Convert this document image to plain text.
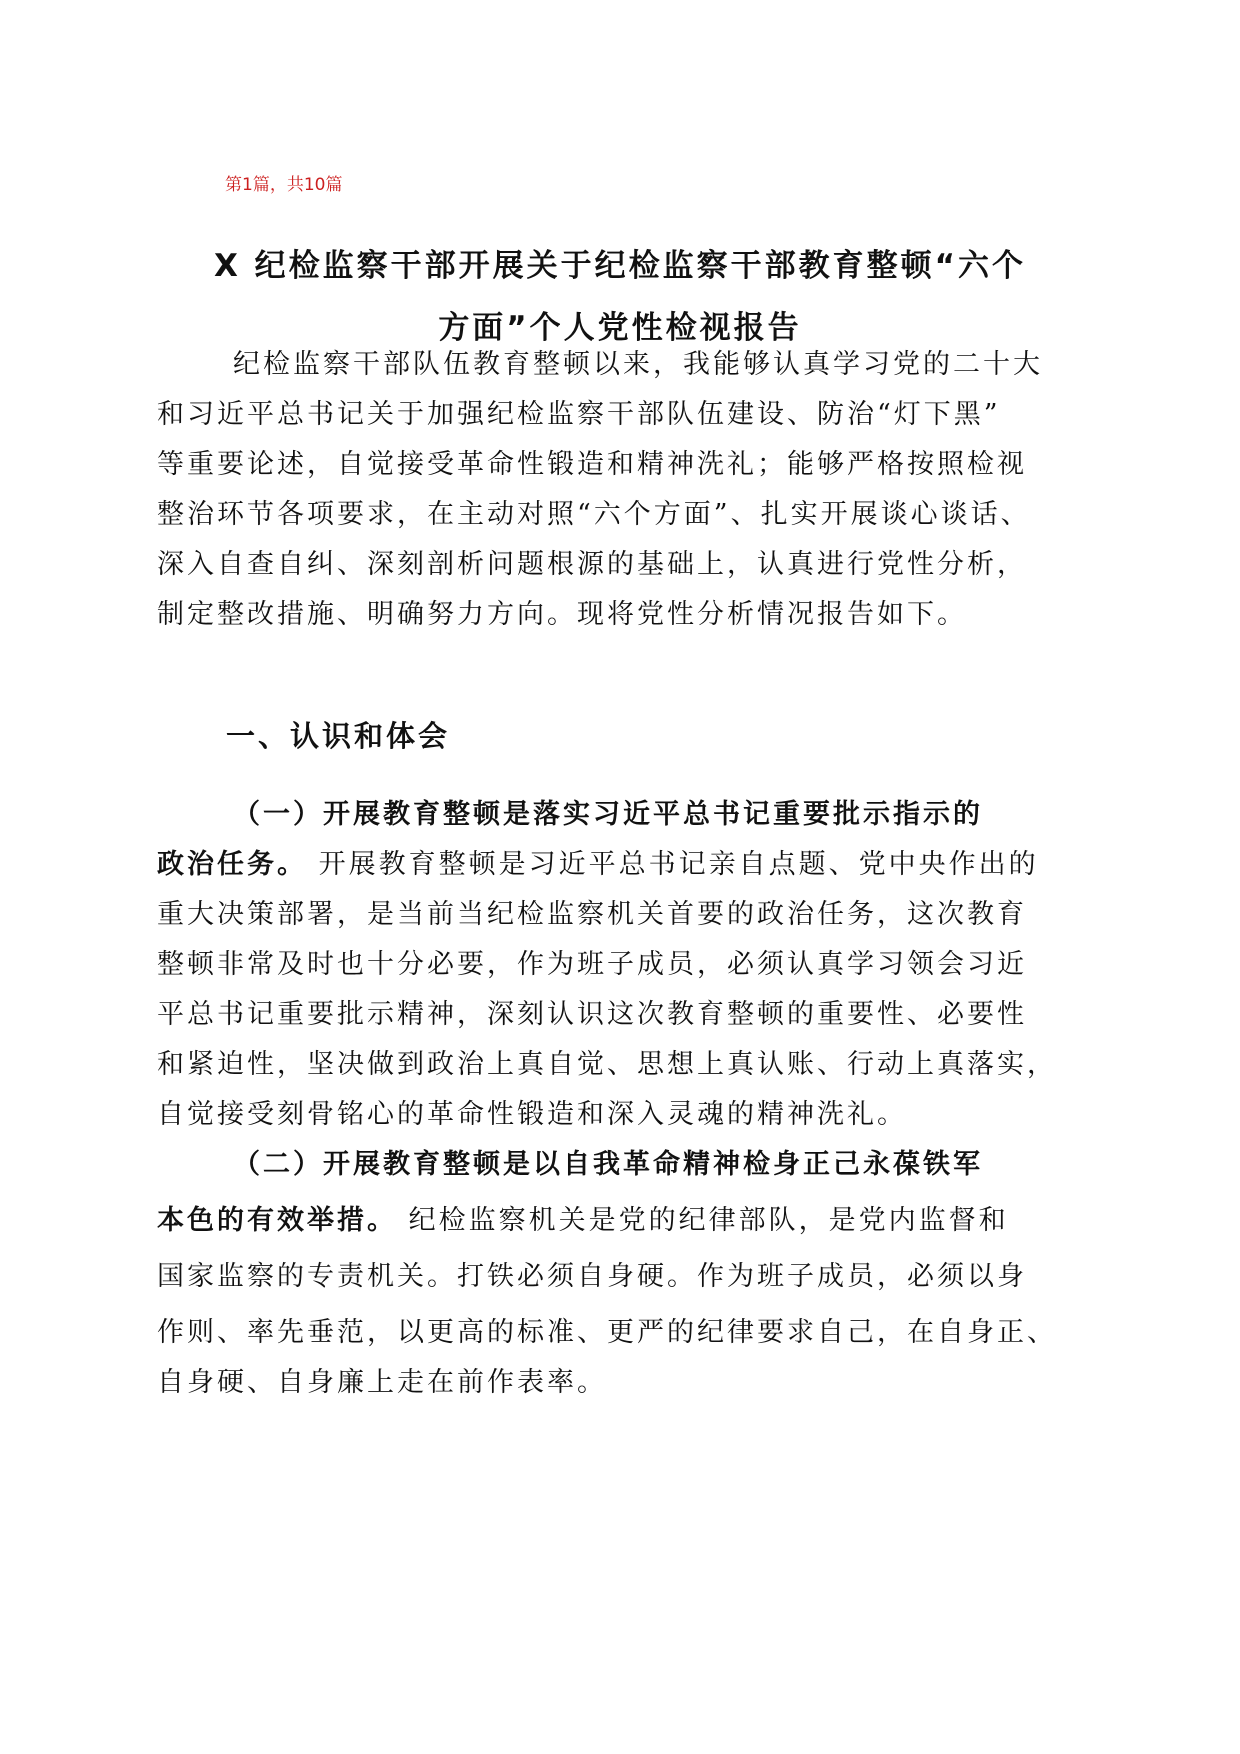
第1篇，共10篇
X 纪检监察干部开展关于纪检监察干部教育整顿“六个
方面”个人党性检视报告
纪检监察干部队伍教育整顿以来，我能够认真学习党的二十大
和习近平总书记关于加强纪检监察干部队伍建设、防治“灯下黑”
等重要论述，自觉接受革命性锻造和精神洗礼；能够严格按照检视
整治环节各项要求，在主动对照“六个方面”、扎实开展谈心谈话、
深入自查自纠、深刻剖析问题根源的基础上，认真进行党性分析，
制定整改措施、明确努力方向。现将党性分析情况报告如下。
一、认识和体会
（一）开展教育整顿是落实习近平总书记重要批示指示的
政治任务。 开展教育整顿是习近平总书记亲自点题、党中央作出的
重大决策部署，是当前当纪检监察机关首要的政治任务，这次教育
整顿非常及时也十分必要，作为班子成员，必须认真学习领会习近
平总书记重要批示精神，深刻认识这次教育整顿的重要性、必要性
和紧迫性，坚决做到政治上真自觉、思想上真认账、行动上真落实，
自觉接受刻骨铭心的革命性锻造和深入灵魂的精神洗礼。
（二）开展教育整顿是以自我革命精神检身正己永葆铁军
本色的有效举措。 纪检监察机关是党的纪律部队，是党内监督和
国家监察的专责机关。打铁必须自身硬。作为班子成员，必须以身
作则、率先垂范，以更高的标准、更严的纪律要求自己，在自身正、
自身硬、自身廉上走在前作表率。
